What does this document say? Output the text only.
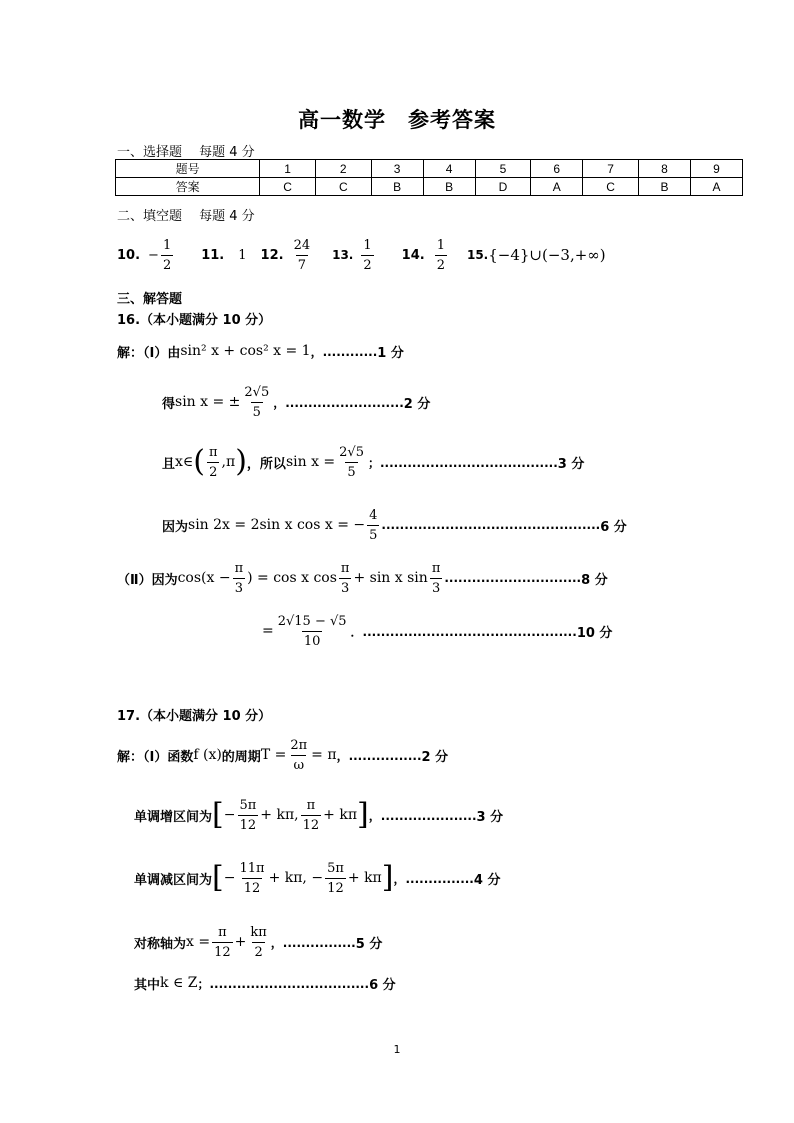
高一数学　参考答案
一、选择题　 每题 4 分
题号	1	2	3	4	5	6	7	8	9
答案	C	C	B	B	D	A	C	B	A
二、填空题　 每题 4 分
10. − $\frac{1}{2} 11$. 1 12. $\frac{24}{7} 13$. $\frac{1}{2} 14$. $\frac{1}{2} 15$. {−4}∪(−3,+∞)
三、解答题
16.（本小题满分 10 分）
解：（Ⅰ）由 sin² x + cos² x = 1 ，............ 1 分
得 sin x = ± $\frac{2√5}{5}$ ，.......................... 2 分
且 x∈ ( $\frac{\pi}{2} ,\pi$ ) ，所以 $\sin x = \frac{2√5}{5}$ ；....................................... 3 分
因为 sin 2x = 2sin x cos x = − $\frac{4}{5}$ ................................................ 6 分
（Ⅱ）因为 $\cos(x - \frac{\pi}{3}$ ) = cos x $\cos \frac{\pi}{3} + \sin x$ $\sin \frac{\pi}{3}$ .............................. 8 分
= $\frac{2√15 - √5}{10}$ ．............................................... 10 分
17.（本小题满分 10 分）
解：（Ⅰ）函数 f (x) 的周期 $T = \frac{2\pi}{\omega} = \pi$ ，................ 2 分
单调增区间为 [ − $\frac{5\pi}{12} + k\pi$, $\frac{\pi}{12} + k\pi$ ] ，..................... 3 分
单调减区间为 [ − $\frac{11\pi}{12} + k\pi$, − $\frac{5\pi}{12} + k\pi$ ] ，............... 4 分
对称轴为 $x = \frac{\pi}{12} + \frac{k\pi}{2}$ ，................ 5 分
其中 k ∈ Z ；................................... 6 分
1
